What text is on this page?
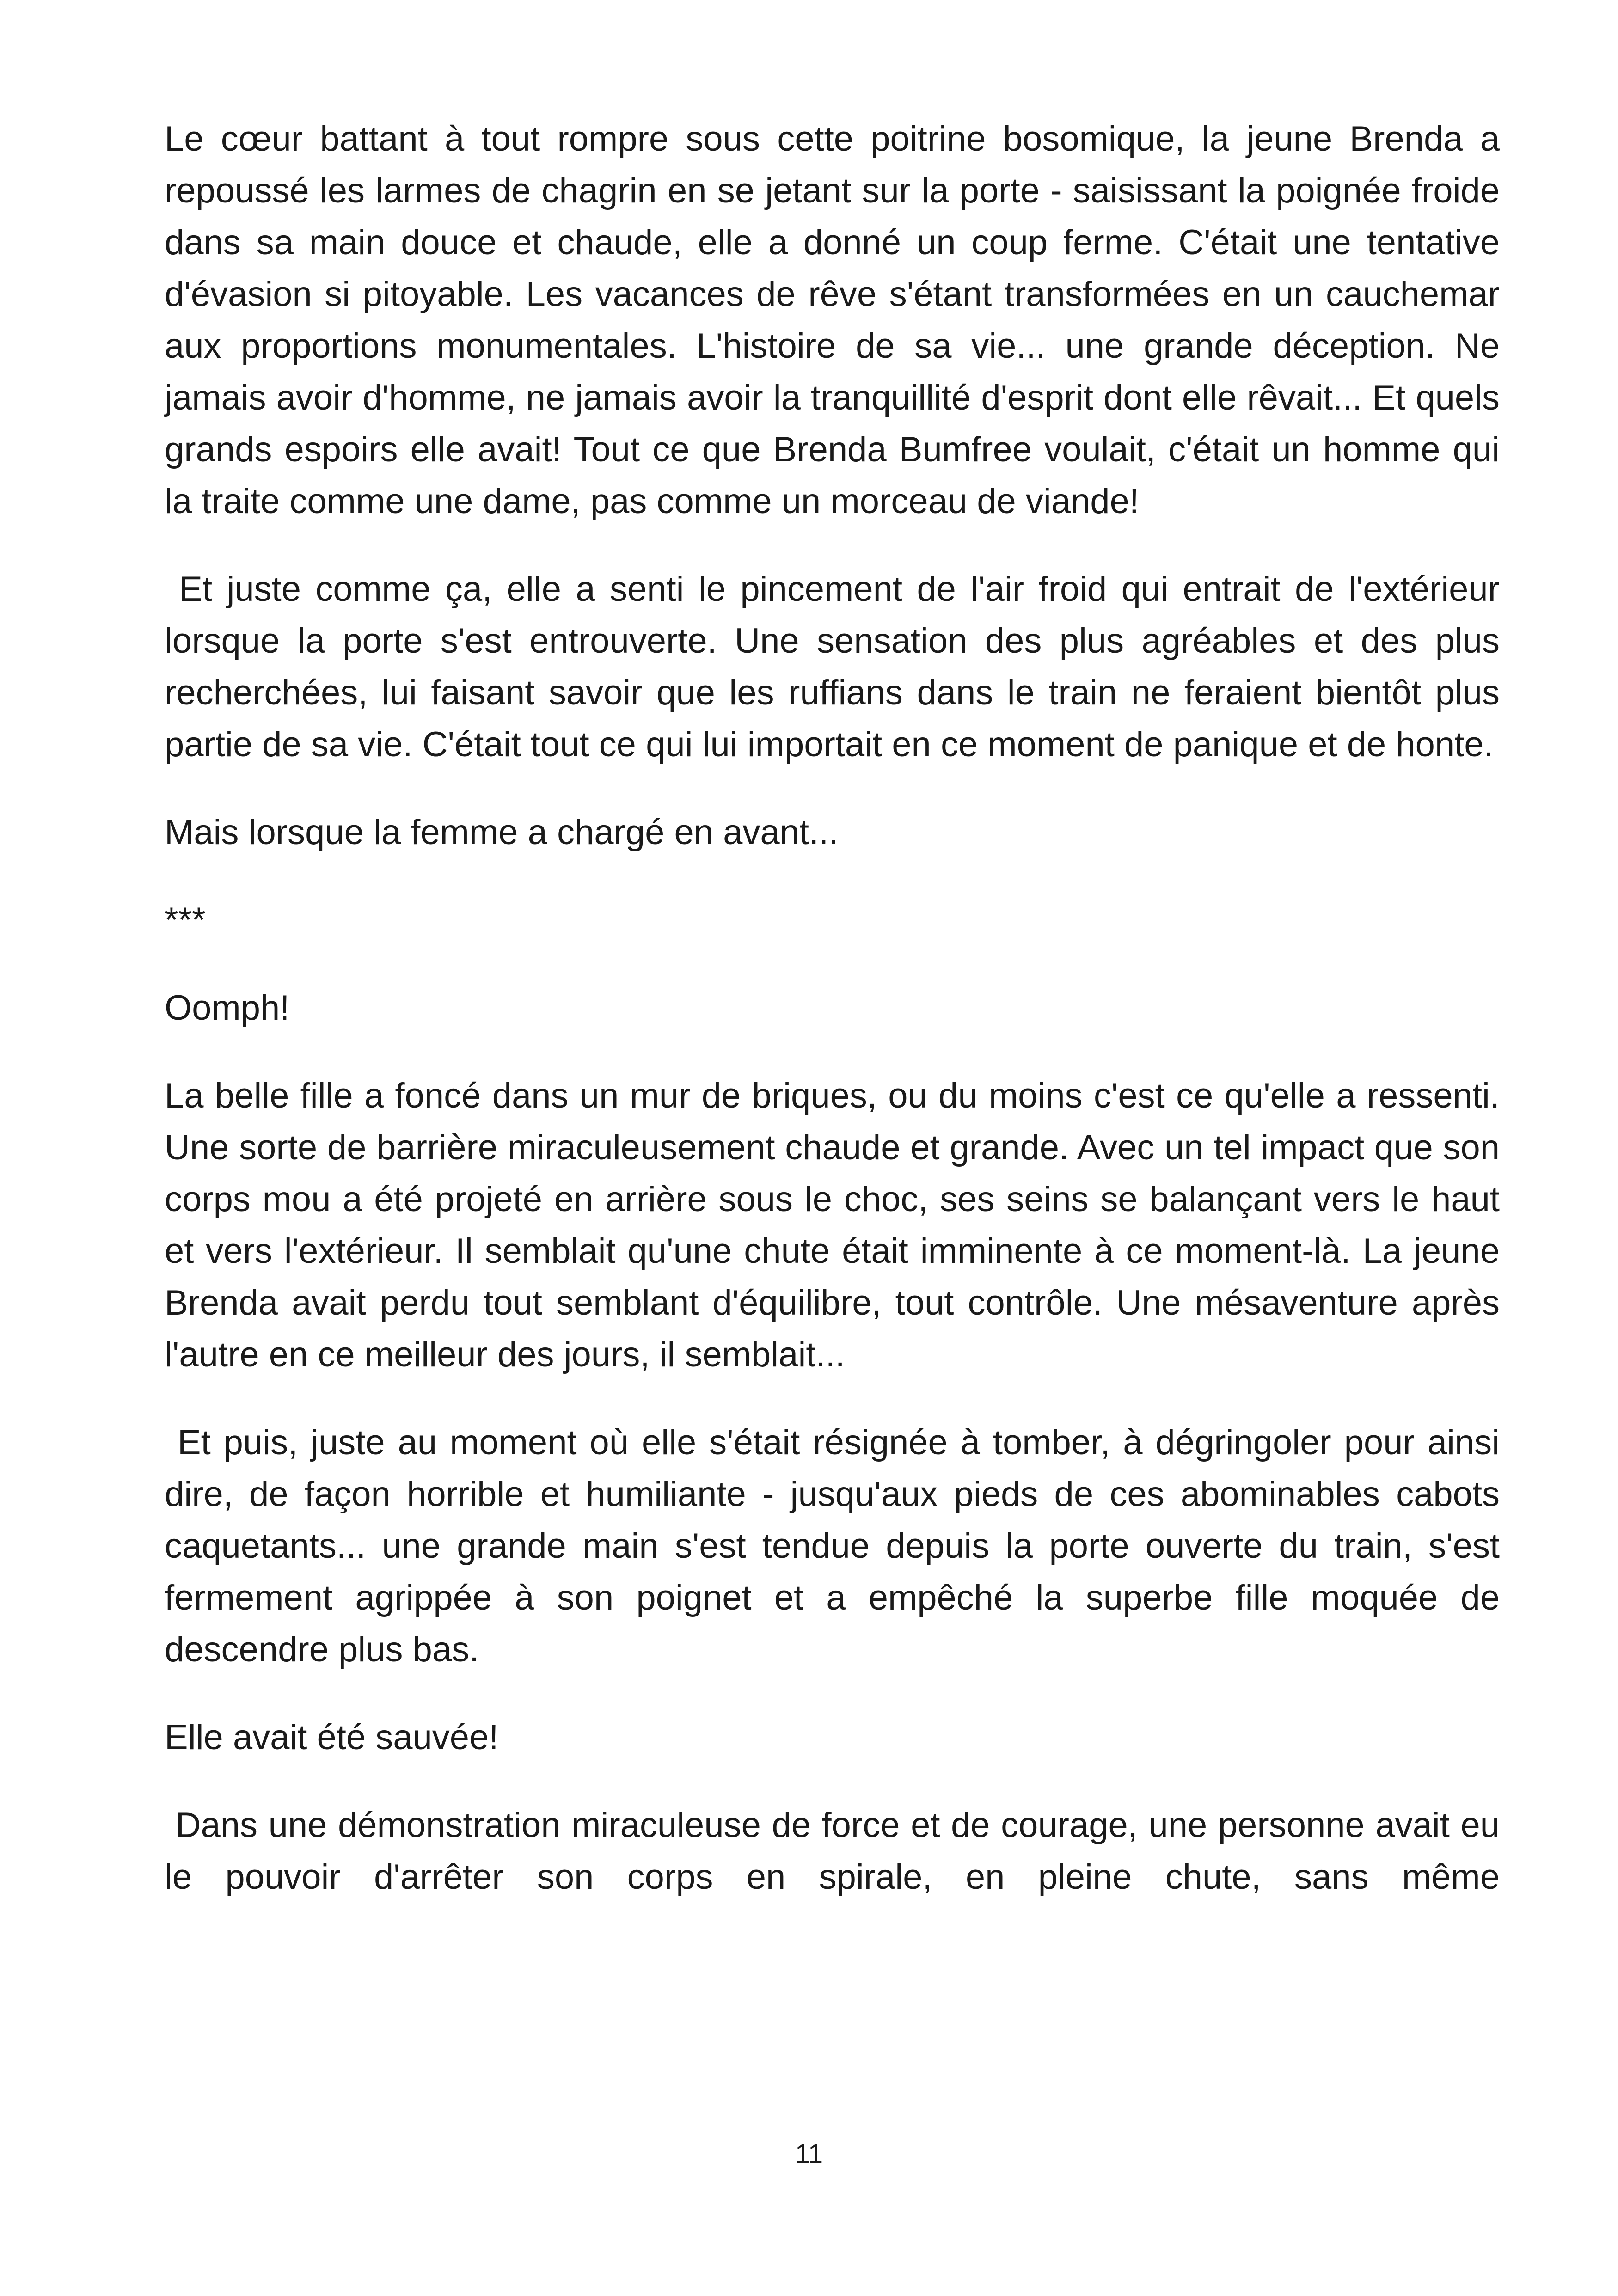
Le cœur battant à tout rompre sous cette poitrine bosomique, la jeune Brenda a repoussé les larmes de chagrin en se jetant sur la porte - saisissant la poignée froide dans sa main douce et chaude, elle a donné un coup ferme. C'était une tentative d'évasion si pitoyable. Les vacances de rêve s'étant transformées en un cauchemar aux proportions monumentales. L'histoire de sa vie... une grande déception. Ne jamais avoir d'homme, ne jamais avoir la tranquillité d'esprit dont elle rêvait... Et quels grands espoirs elle avait! Tout ce que Brenda Bumfree voulait, c'était un homme qui la traite comme une dame, pas comme un morceau de viande!

Et juste comme ça, elle a senti le pincement de l'air froid qui entrait de l'extérieur lorsque la porte s'est entrouverte. Une sensation des plus agréables et des plus recherchées, lui faisant savoir que les ruffians dans le train ne feraient bientôt plus partie de sa vie. C'était tout ce qui lui importait en ce moment de panique et de honte.

Mais lorsque la femme a chargé en avant...

***

Oomph!

La belle fille a foncé dans un mur de briques, ou du moins c'est ce qu'elle a ressenti. Une sorte de barrière miraculeusement chaude et grande. Avec un tel impact que son corps mou a été projeté en arrière sous le choc, ses seins se balançant vers le haut et vers l'extérieur. Il semblait qu'une chute était imminente à ce moment-là. La jeune Brenda avait perdu tout semblant d'équilibre, tout contrôle. Une mésaventure après l'autre en ce meilleur des jours, il semblait...

Et puis, juste au moment où elle s'était résignée à tomber, à dégringoler pour ainsi dire, de façon horrible et humiliante - jusqu'aux pieds de ces abominables cabots caquetants... une grande main s'est tendue depuis la porte ouverte du train, s'est fermement agrippée à son poignet et a empêché la superbe fille moquée de descendre plus bas.

Elle avait été sauvée!

Dans une démonstration miraculeuse de force et de courage, une personne avait eu le pouvoir d'arrêter son corps en spirale, en pleine chute, sans même

11
